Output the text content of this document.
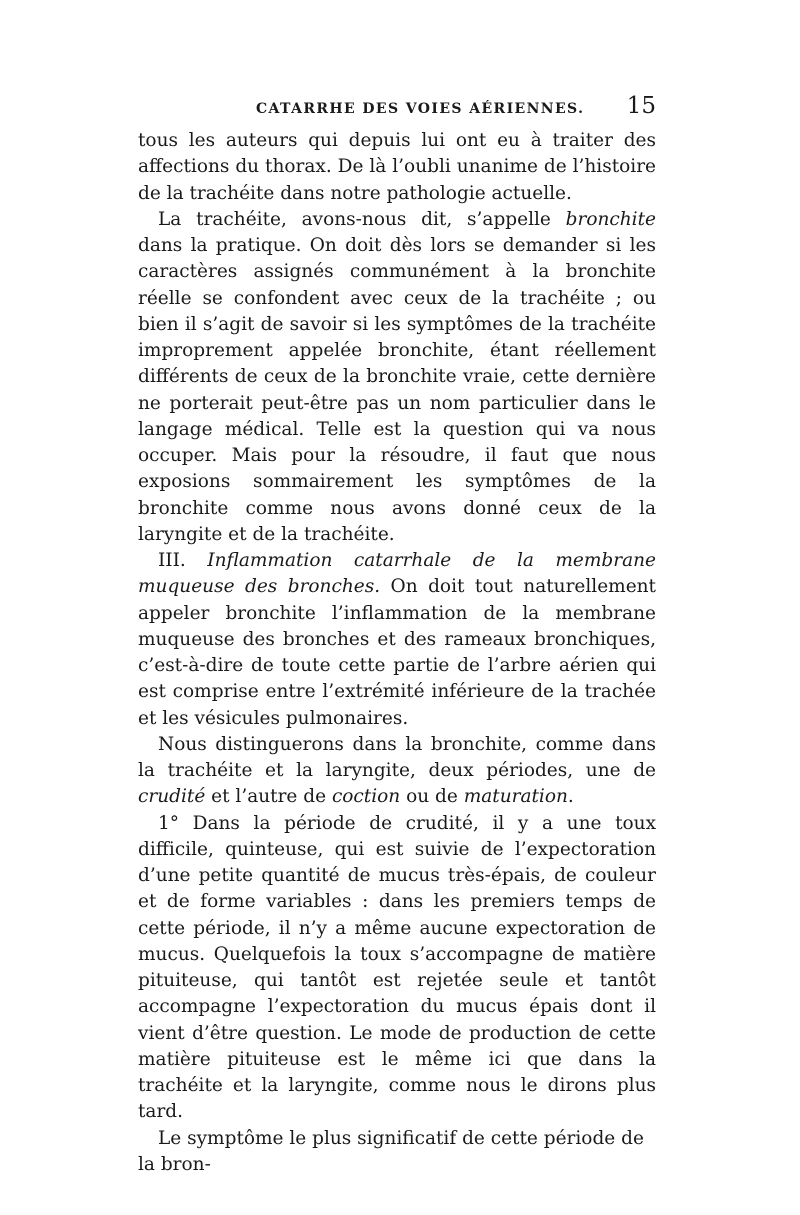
CATARRHE DES VOIES AÉRIENNES. 15

tous les auteurs qui depuis lui ont eu à traiter des affections du thorax. De là l’oubli unanime de l’histoire de la trachéite dans notre pathologie actuelle.

La trachéite, avons-nous dit, s’appelle bronchite dans la pratique. On doit dès lors se demander si les caractères assignés communément à la bronchite réelle se confondent avec ceux de la trachéite ; ou bien il s’agit de savoir si les symptômes de la trachéite improprement appelée bronchite, étant réellement différents de ceux de la bronchite vraie, cette dernière ne porterait peut-être pas un nom particulier dans le langage médical. Telle est la question qui va nous occuper. Mais pour la résoudre, il faut que nous exposions sommairement les symptômes de la bronchite comme nous avons donné ceux de la laryngite et de la trachéite.

III. Inflammation catarrhale de la membrane muqueuse des bronches. On doit tout naturellement appeler bronchite l’inflammation de la membrane muqueuse des bronches et des rameaux bronchiques, c’est-à-dire de toute cette partie de l’arbre aérien qui est comprise entre l’extrémité inférieure de la trachée et les vésicules pulmonaires.

Nous distinguerons dans la bronchite, comme dans la trachéite et la laryngite, deux périodes, une de crudité et l’autre de coction ou de maturation.

1° Dans la période de crudité, il y a une toux difficile, quinteuse, qui est suivie de l’expectoration d’une petite quantité de mucus très-épais, de couleur et de forme variables : dans les premiers temps de cette période, il n’y a même aucune expectoration de mucus. Quelquefois la toux s’accompagne de matière pituiteuse, qui tantôt est rejetée seule et tantôt accompagne l’expectoration du mucus épais dont il vient d’être question. Le mode de production de cette matière pituiteuse est le même ici que dans la trachéite et la laryngite, comme nous le dirons plus tard.

Le symptôme le plus significatif de cette période de la bron-
